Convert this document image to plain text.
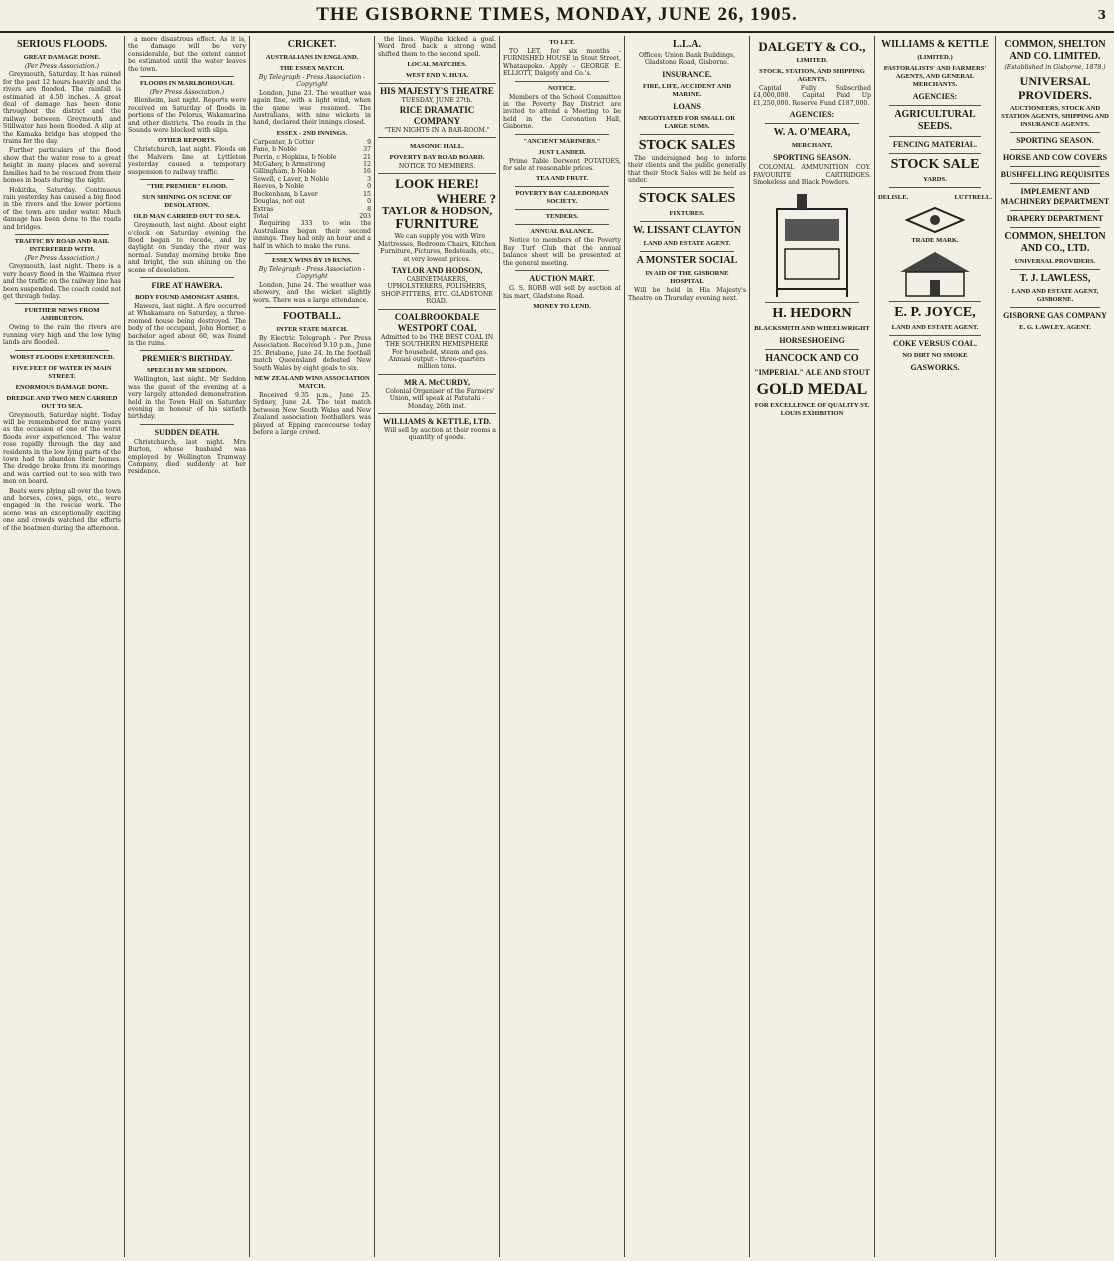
THE GISBORNE TIMES, MONDAY, JUNE 26, 1905.	3
SERIOUS FLOODS.
GREAT DAMAGE DONE.
(Per Press Association.)

Greymouth, Saturday. It has rained for the past 12 hours heavily and the rivers are flooded. The rainfall is estimated at 4.50 inches. A great deal of damage has been done throughout the district and the railway between Greymouth and Stillwater has been flooded. A slip at the Kamaka bridge has stopped the trains for the day.

Further particulars of the flood show that the water rose to a great height in many places and several families had to be rescued from their homes in boats during the night.

Hokitika, Saturday. Continuous rain yesterday has caused a big flood in the rivers and the lower portions of the town are under water. Much damage has been done to the roads and bridges.

TRAFFIC BY ROAD AND RAIL INTERFERED WITH.
(Per Press Association.)

Greymouth, last night. There is a very heavy flood in the Waimea river and the traffic on the railway line has been suspended. The coach could not get through today.

FURTHER NEWS FROM ASHBURTON.

Owing to the rain the rivers are running very high and the low lying lands are flooded.

WORST FLOODS EXPERIENCED.
FIVE FEET OF WATER IN MAIN STREET.
ENORMOUS DAMAGE DONE.
DREDGE AND TWO MEN CARRIED OUT TO SEA.

Greymouth, Saturday night. Today will be remembered for many years as the occasion of one of the worst floods ever experienced. The water rose rapidly through the day and residents in the low lying parts of the town had to abandon their homes. The dredge broke from its moorings and was carried out to sea with two men on board.

Boats were plying all over the town and horses, cows, pigs, etc., were engaged in the rescue work. The scene was an exceptionally exciting one and crowds watched the efforts of the boatmen during the afternoon.

a more disastrous effect. As it is, the damage will be very considerable, but the extent cannot be estimated until the water leaves the town.

FLOODS IN MARLBOROUGH.
(Per Press Association.)

Blenheim, last night. Reports were received on Saturday of floods in portions of the Pelorus, Wakamarina and other districts. The roads in the Sounds were blocked with slips.

OTHER REPORTS.

Christchurch, last night. Floods on the Malvern line at Lyttleton yesterday caused a temporary suspension to railway traffic.

"THE PREMIER" FLOOD.
SUN SHINING ON SCENE OF DESOLATION.
OLD MAN CARRIED OUT TO SEA.

Greymouth, last night. About eight o'clock on Saturday evening the flood began to recede, and by daylight on Sunday the river was normal. Sunday morning broke fine and bright, the sun shining on the scene of desolation.

FIRE AT HAWERA.
BODY FOUND AMONGST ASHES.

Hawera, last night. A fire occurred at Whakamara on Saturday, a three-roomed house being destroyed. The body of the occupant, John Horner, a bachelor aged about 60, was found in the ruins.

PREMIER'S BIRTHDAY.
SPEECH BY MR SEDDON.

Wellington, last night. Mr Seddon was the guest of the evening at a very largely attended demonstration held in the Town Hall on Saturday evening in honour of his sixtieth birthday.

SUDDEN DEATH.

Christchurch, last night. Mrs Burton, whose husband was employed by Wellington Tramway Company, died suddenly at her residence.

CRICKET.
AUSTRALIANS IN ENGLAND.
THE ESSEX MATCH.
By Telegraph - Press Association - Copyright

London, June 23. The weather was again fine, with a light wind, when the game was resumed. The Australians, with nine wickets in hand, declared their innings closed.

ESSEX - 2ND INNINGS.
Carpenter, b Cotter	9
Fane, b Noble	37
Perrin, c Hopkins, b Noble	21
McGahey, b Armstrong	12
Gillingham, b Noble	16
Sewell, c Laver, b Noble	3
Reeves, b Noble	0
Buckenham, b Laver	15
Douglas, not out	0
Extras	8
Total	203

Requiring 333 to win the Australians began their second innings. They had only an hour and a half in which to make the runs.

ESSEX WINS BY 19 RUNS.
By Telegraph - Press Association - Copyright

London, June 24. The weather was showery, and the wicket slightly worn. There was a large attendance.

FOOTBALL.
INTER STATE MATCH.

By Electric Telegraph - Per Press Association. Received 9.10 p.m., June 25. Brisbane, June 24. In the football match Queensland defeated New South Wales by eight goals to six.

NEW ZEALAND WINS ASSOCIATION MATCH.

Received 9.35 p.m., June 25. Sydney, June 24. The test match between New South Wales and New Zealand association footballers was played at Epping racecourse today before a large crowd.

the lines. Wapiha kicked a goal. Word fired back a strong wind shifted them to the second spell.

LOCAL MATCHES.
WEST END V. HUIA.
HIS MAJESTY'S THEATRE
TUESDAY, JUNE 27th.
RICE DRAMATIC COMPANY
"TEN NIGHTS IN A BAR-ROOM."
MASONIC HALL.
POVERTY BAY ROAD BOARD.
NOTICE TO MEMBERS.
LOOK HERE!
WHERE ?
TAYLOR & HODSON,
FURNITURE

We can supply you with Wire Mattresses, Bedroom Chairs, Kitchen Furniture, Pictures, Bedsteads, etc., at very lowest prices.

TAYLOR AND HODSON,
CABINETMAKERS, UPHOLSTERERS, POLISHERS, SHOP-FITTERS, ETC. GLADSTONE ROAD.
COALBROOKDALE WESTPORT COAL
Admitted to be THE BEST COAL IN THE SOUTHERN HEMISPHERE

For household, steam and gas. Annual output - three-quarters million tons.

MR A. McCURDY,

Colonial Organiser of the Farmers' Union, will speak at Patutahi - Monday, 26th inst.

WILLIAMS & KETTLE, LTD.

Will sell by auction at their rooms a quantity of goods.

TO LET.

TO LET, for six months - FURNISHED HOUSE in Stout Street, Whataupoko. Apply - GEORGE E. ELLIOTT, Dalgety and Co.'s.

NOTICE.

Members of the School Committee in the Poverty Bay District are invited to attend a Meeting to be held in the Coronation Hall, Gisborne.

"ANCIENT MARINERS."
JUST LANDED.

Prime Table Derwent POTATOES, for sale at reasonable prices.

TEA AND FRUIT.
POVERTY BAY CALEDONIAN SOCIETY.
TENDERS.
ANNUAL BALANCE.

Notice to members of the Poverty Bay Turf Club that the annual balance sheet will be presented at the general meeting.

AUCTION MART.

G. S. ROBB will sell by auction at his mart, Gladstone Road.

MONEY TO LEND.
L.L.A.
Offices: Union Bank Buildings, Gladstone Road, Gisborne.
INSURANCE.
FIRE, LIFE, ACCIDENT AND MARINE.
LOANS
NEGOTIATED FOR SMALL OR LARGE SUMS.
STOCK SALES

The undersigned beg to inform their clients and the public generally that their Stock Sales will be held as under.

STOCK SALES
FIXTURES.
W. LISSANT CLAYTON
LAND AND ESTATE AGENT.
A MONSTER SOCIAL
IN AID OF THE GISBORNE HOSPITAL

Will be held in His Majesty's Theatre on Thursday evening next.

DALGETY & CO.,
LIMITED.
STOCK, STATION, AND SHIPPING AGENTS.

Capital Fully Subscribed £4,000,000. Capital Paid Up £1,250,000. Reserve Fund £187,000.

AGENCIES:
W. A. O'MEARA,
MERCHANT,
SPORTING SEASON.

COLONIAL AMMUNITION COY. FAVOURITE CARTRIDGES. Smokeless and Black Powders.

H. HEDORN
BLACKSMITH AND WHEELWRIGHT
HORSESHOEING
HANCOCK AND CO
"IMPERIAL" ALE AND STOUT
GOLD MEDAL
FOR EXCELLENCE OF QUALITY ST. LOUIS EXHIBITION
WILLIAMS & KETTLE
(LIMITED.)
PASTORALISTS' AND FARMERS' AGENTS, AND GENERAL MERCHANTS.
AGENCIES:
AGRICULTURAL SEEDS.
FENCING MATERIAL.
STOCK SALE
YARDS.
DELISLE.	LUTTRELL.
TRADE MARK.
E. P. JOYCE,
LAND AND ESTATE AGENT.
COKE VERSUS COAL.
NO DIRT NO SMOKE
GASWORKS.
COMMON, SHELTON AND CO. LIMITED.
(Established in Gisborne, 1878.)
UNIVERSAL PROVIDERS.
AUCTIONEERS, STOCK AND STATION AGENTS, SHIPPING AND INSURANCE AGENTS.
SPORTING SEASON.
HORSE AND COW COVERS
BUSHFELLING REQUISITES
IMPLEMENT AND MACHINERY DEPARTMENT
DRAPERY DEPARTMENT
COMMON, SHELTON AND CO., LTD.
UNIVERSAL PROVIDERS.
T. J. LAWLESS,
LAND AND ESTATE AGENT, GISBORNE.
GISBORNE GAS COMPANY
E. G. LAWLEY, AGENT.
